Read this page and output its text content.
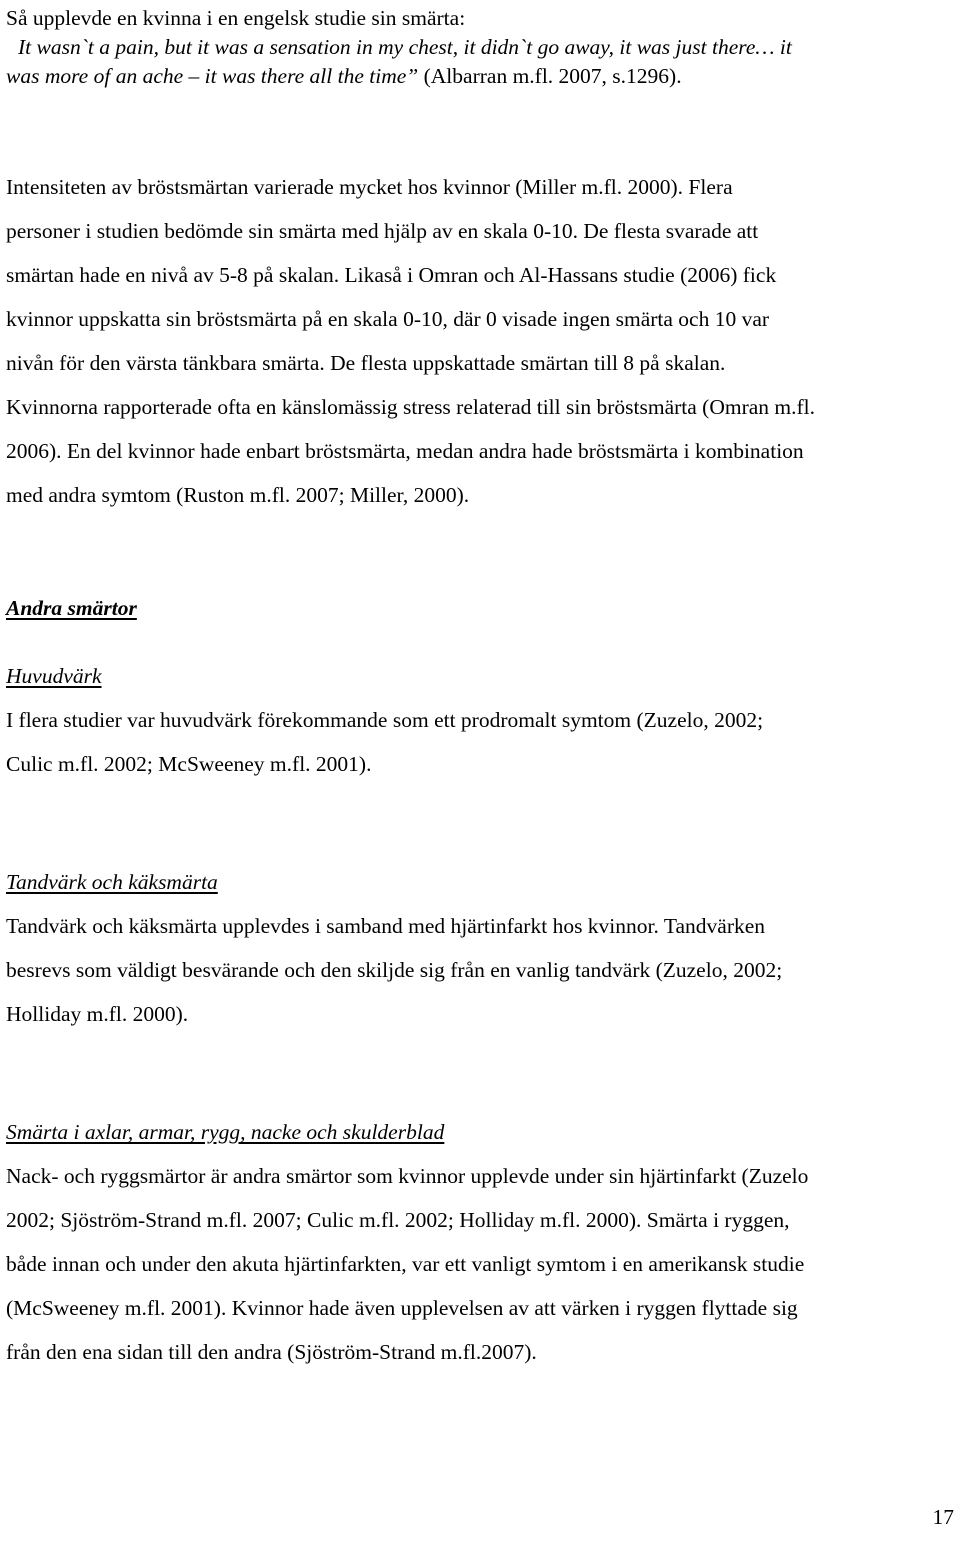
Så upplevde en kvinna i en engelsk studie sin smärta:
It wasn`t a pain, but it was a sensation in my chest, it didn`t go away, it was just there… it
was more of an ache – it was there all the time” (Albarran m.fl. 2007, s.1296).
Intensiteten av bröstsmärtan varierade mycket hos kvinnor (Miller m.fl. 2000). Flera
personer i studien bedömde sin smärta med hjälp av en skala 0-10. De flesta svarade att
smärtan hade en nivå av 5-8 på skalan. Likaså i Omran och Al-Hassans studie (2006) fick
kvinnor uppskatta sin bröstsmärta på en skala 0-10, där 0 visade ingen smärta och 10 var
nivån för den värsta tänkbara smärta. De flesta uppskattade smärtan till 8 på skalan.
Kvinnorna rapporterade ofta en känslomässig stress relaterad till sin bröstsmärta (Omran m.fl.
2006). En del kvinnor hade enbart bröstsmärta, medan andra hade bröstsmärta i kombination
med andra symtom (Ruston m.fl. 2007; Miller, 2000).
Andra smärtor
Huvudvärk
I flera studier var huvudvärk förekommande som ett prodromalt symtom (Zuzelo, 2002;
Culic m.fl. 2002; McSweeney m.fl. 2001).
Tandvärk och käksmärta
Tandvärk och käksmärta upplevdes i samband med hjärtinfarkt hos kvinnor. Tandvärken
besrevs som väldigt besvärande och den skiljde sig från en vanlig tandvärk (Zuzelo, 2002;
Holliday m.fl. 2000).
Smärta i axlar, armar, rygg, nacke och skulderblad
Nack- och ryggsmärtor är andra smärtor som kvinnor upplevde under sin hjärtinfarkt (Zuzelo
2002; Sjöström-Strand m.fl. 2007; Culic m.fl. 2002; Holliday m.fl. 2000). Smärta i ryggen,
både innan och under den akuta hjärtinfarkten, var ett vanligt symtom i en amerikansk studie
(McSweeney m.fl. 2001). Kvinnor hade även upplevelsen av att värken i ryggen flyttade sig
från den ena sidan till den andra (Sjöström-Strand m.fl.2007).
17
